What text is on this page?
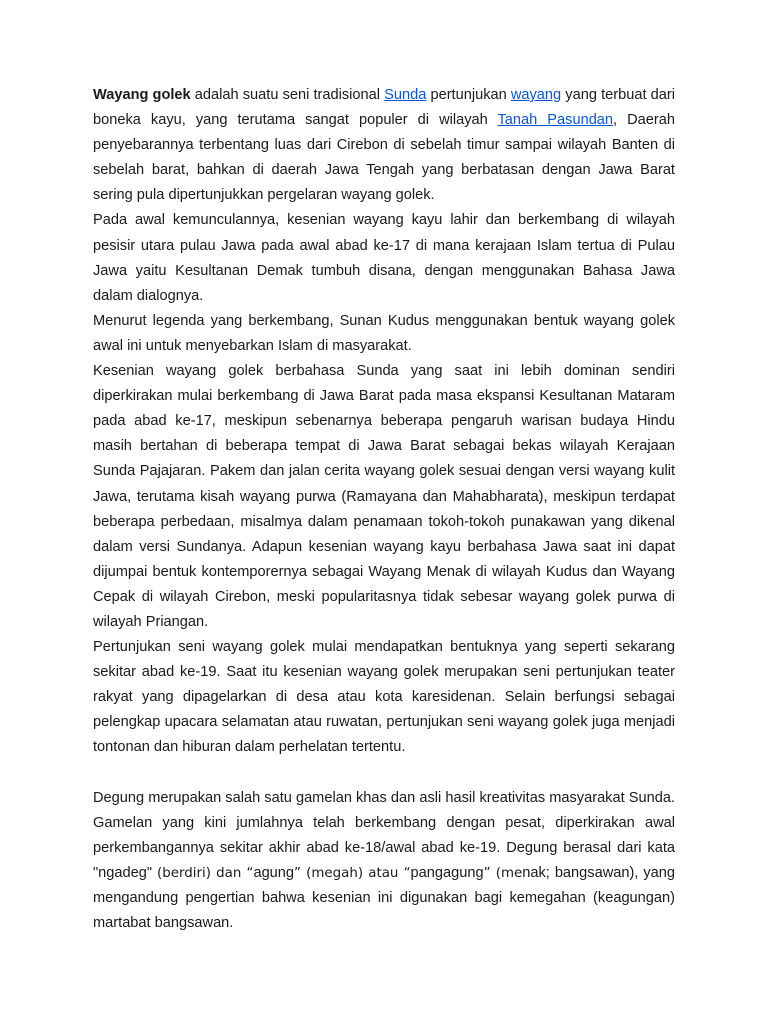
Wayang golek adalah suatu seni tradisional Sunda pertunjukan wayang yang terbuat dari boneka kayu, yang terutama sangat populer di wilayah Tanah Pasundan, Daerah penyebarannya terbentang luas dari Cirebon di sebelah timur sampai wilayah Banten di sebelah barat, bahkan di daerah Jawa Tengah yang berbatasan dengan Jawa Barat sering pula dipertunjukkan pergelaran wayang golek.

Pada awal kemunculannya, kesenian wayang kayu lahir dan berkembang di wilayah pesisir utara pulau Jawa pada awal abad ke-17 di mana kerajaan Islam tertua di Pulau Jawa yaitu Kesultanan Demak tumbuh disana, dengan menggunakan Bahasa Jawa dalam dialognya.

Menurut legenda yang berkembang, Sunan Kudus menggunakan bentuk wayang golek awal ini untuk menyebarkan Islam di masyarakat.

Kesenian wayang golek berbahasa Sunda yang saat ini lebih dominan sendiri diperkirakan mulai berkembang di Jawa Barat pada masa ekspansi Kesultanan Mataram pada abad ke-17, meskipun sebenarnya beberapa pengaruh warisan budaya Hindu masih bertahan di beberapa tempat di Jawa Barat sebagai bekas wilayah Kerajaan Sunda Pajajaran. Pakem dan jalan cerita wayang golek sesuai dengan versi wayang kulit Jawa, terutama kisah wayang purwa (Ramayana dan Mahabharata), meskipun terdapat beberapa perbedaan, misalmya dalam penamaan tokoh-tokoh punakawan yang dikenal dalam versi Sundanya. Adapun kesenian wayang kayu berbahasa Jawa saat ini dapat dijumpai bentuk kontemporernya sebagai Wayang Menak di wilayah Kudus dan Wayang Cepak di wilayah Cirebon, meski popularitasnya tidak sebesar wayang golek purwa di wilayah Priangan.

Pertunjukan seni wayang golek mulai mendapatkan bentuknya yang seperti sekarang sekitar abad ke-19. Saat itu kesenian wayang golek merupakan seni pertunjukan teater rakyat yang dipagelarkan di desa atau kota karesidenan. Selain berfungsi sebagai pelengkap upacara selamatan atau ruwatan, pertunjukan seni wayang golek juga menjadi tontonan dan hiburan dalam perhelatan tertentu.

Degung merupakan salah satu gamelan khas dan asli hasil kreativitas masyarakat Sunda. Gamelan yang kini jumlahnya telah berkembang dengan pesat, diperkirakan awal perkembangannya sekitar akhir abad ke-18/awal abad ke-19. Degung berasal dari kata "ngadeg" (berdiri) dan “agung” (megah) atau “pangagung” (menak; bangsawan), yang mengandung pengertian bahwa kesenian ini digunakan bagi kemegahan (keagungan) martabat bangsawan.
